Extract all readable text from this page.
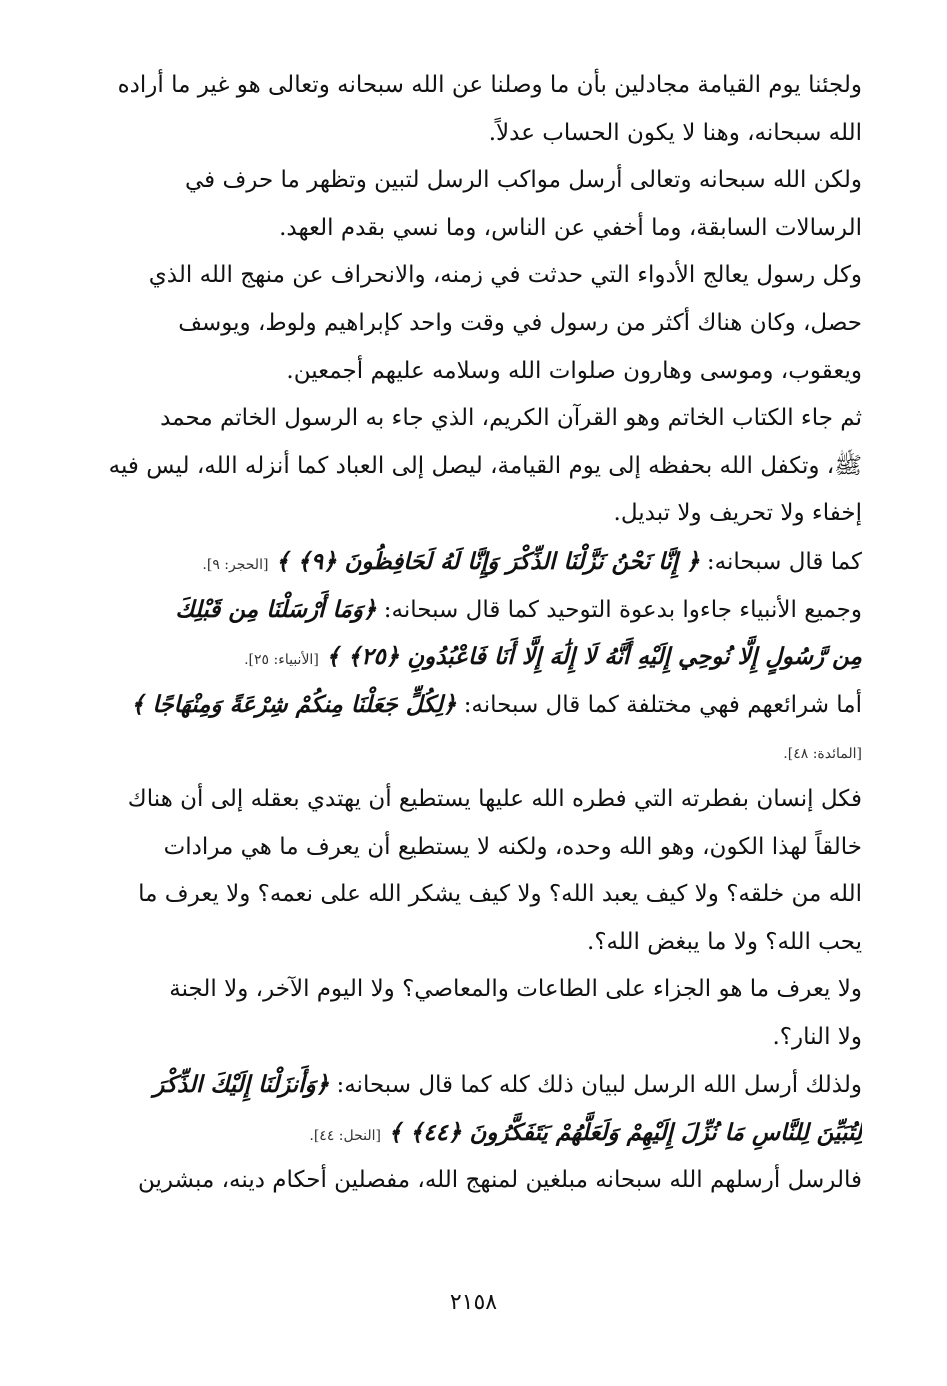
ولجئنا يوم القيامة مجادلين بأن ما وصلنا عن الله سبحانه وتعالى هو غير ما أراده
الله سبحانه، وهنا لا يكون الحساب عدلاً.
ولكن الله سبحانه وتعالى أرسل مواكب الرسل لتبين وتظهر ما حرف في
الرسالات السابقة، وما أخفي عن الناس، وما نسي بقدم العهد.
وكل رسول يعالج الأدواء التي حدثت في زمنه، والانحراف عن منهج الله الذي
حصل، وكان هناك أكثر من رسول في وقت واحد كإبراهيم ولوط، ويوسف
ويعقوب، وموسى وهارون صلوات الله وسلامه عليهم أجمعين.
ثم جاء الكتاب الخاتم وهو القرآن الكريم، الذي جاء به الرسول الخاتم محمد
ﷺ، وتكفل الله بحفظه إلى يوم القيامة، ليصل إلى العباد كما أنزله الله، ليس فيه
إخفاء ولا تحريف ولا تبديل.
كما قال سبحانه: ﴿ إِنَّا نَحْنُ نَزَّلْنَا الذِّكْرَ وَإِنَّا لَهُ لَحَافِظُونَ ﴿٩﴾ ﴾ [الحجر: ٩].
وجميع الأنبياء جاءوا بدعوة التوحيد كما قال سبحانه: ﴿وَمَا أَرْسَلْنَا مِن قَبْلِكَ
مِن رَّسُولٍ إِلَّا نُوحِي إِلَيْهِ أَنَّهُ لَا إِلَٰهَ إِلَّا أَنَا فَاعْبُدُونِ ﴿٢٥﴾ ﴾ [الأنبياء: ٢٥].
أما شرائعهم فهي مختلفة كما قال سبحانه: ﴿لِكُلٍّ جَعَلْنَا مِنكُمْ شِرْعَةً وَمِنْهَاجًا ﴾
[المائدة: ٤٨].
فكل إنسان بفطرته التي فطره الله عليها يستطيع أن يهتدي بعقله إلى أن هناك
خالقاً لهذا الكون، وهو الله وحده، ولكنه لا يستطيع أن يعرف ما هي مرادات
الله من خلقه؟ ولا كيف يعبد الله؟ ولا كيف يشكر الله على نعمه؟ ولا يعرف ما
يحب الله؟ ولا ما يبغض الله؟.
ولا يعرف ما هو الجزاء على الطاعات والمعاصي؟ ولا اليوم الآخر، ولا الجنة
ولا النار؟.
ولذلك أرسل الله الرسل لبيان ذلك كله كما قال سبحانه: ﴿وَأَنزَلْنَا إِلَيْكَ الذِّكْرَ
لِتُبَيِّنَ لِلنَّاسِ مَا نُزِّلَ إِلَيْهِمْ وَلَعَلَّهُمْ يَتَفَكَّرُونَ ﴿٤٤﴾ ﴾ [النحل: ٤٤].
فالرسل أرسلهم الله سبحانه مبلغين لمنهج الله، مفصلين أحكام دينه، مبشرين
٢١٥٨
